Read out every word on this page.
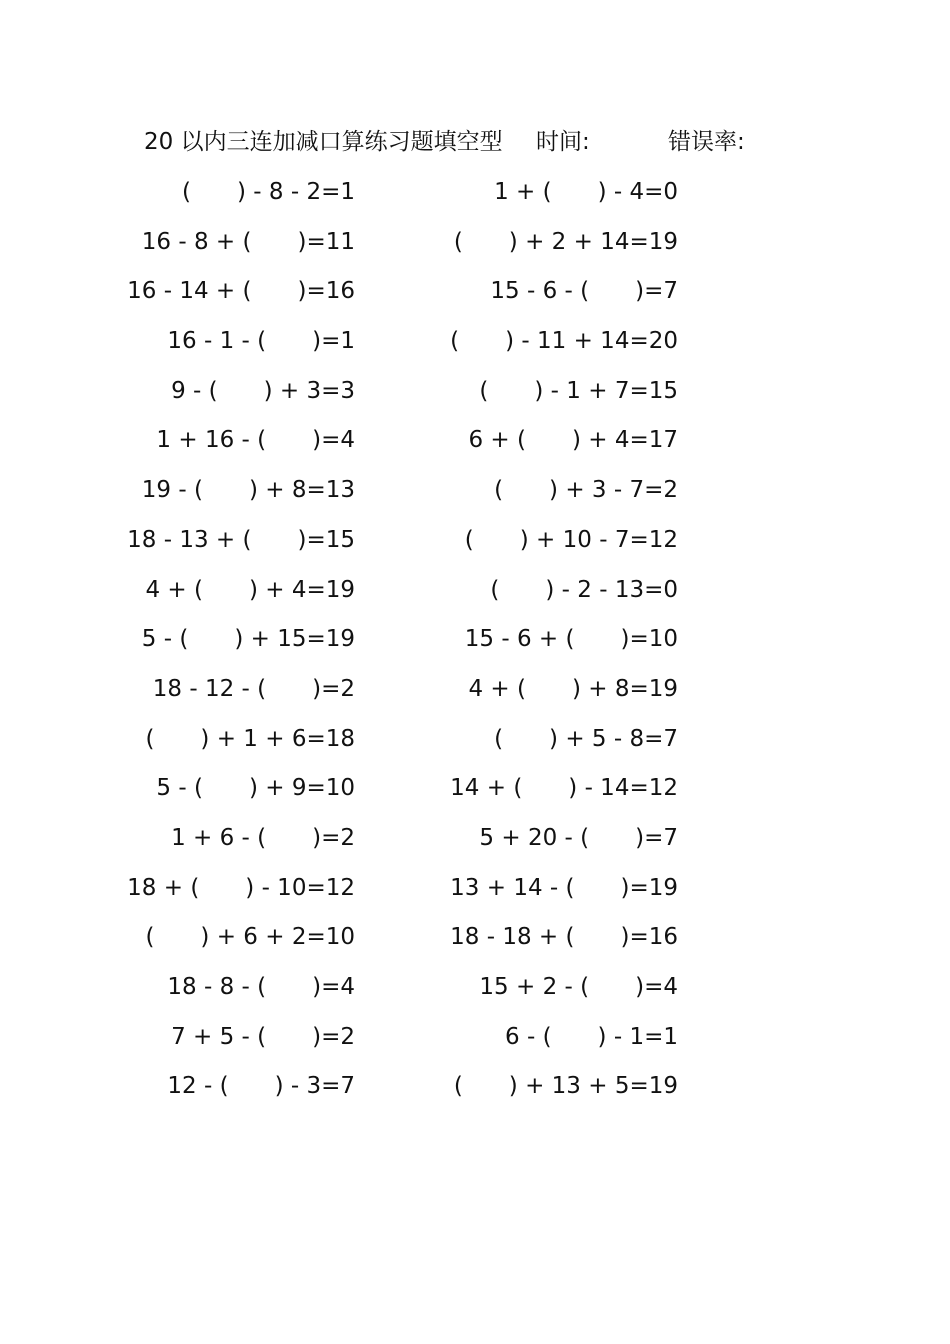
20 以内三连加减口算练习题填空型 时间:	错误率:
(　　) - 8 - 2=1	1 + (　　) - 4=0
16 - 8 + (　　)=11	(　　) + 2 + 14=19
16 - 14 + (　　)=16	15 - 6 - (　　)=7
16 - 1 - (　　)=1	(　　) - 11 + 14=20
9 - (　　) + 3=3	(　　) - 1 + 7=15
1 + 16 - (　　)=4	6 + (　　) + 4=17
19 - (　　) + 8=13	(　　) + 3 - 7=2
18 - 13 + (　　)=15	(　　) + 10 - 7=12
4 + (　　) + 4=19	(　　) - 2 - 13=0
5 - (　　) + 15=19	15 - 6 + (　　)=10
18 - 12 - (　　)=2	4 + (　　) + 8=19
(　　) + 1 + 6=18	(　　) + 5 - 8=7
5 - (　　) + 9=10	14 + (　　) - 14=12
1 + 6 - (　　)=2	5 + 20 - (　　)=7
18 + (　　) - 10=12	13 + 14 - (　　)=19
(　　) + 6 + 2=10	18 - 18 + (　　)=16
18 - 8 - (　　)=4	15 + 2 - (　　)=4
7 + 5 - (　　)=2	6 - (　　) - 1=1
12 - (　　) - 3=7	(　　) + 13 + 5=19
